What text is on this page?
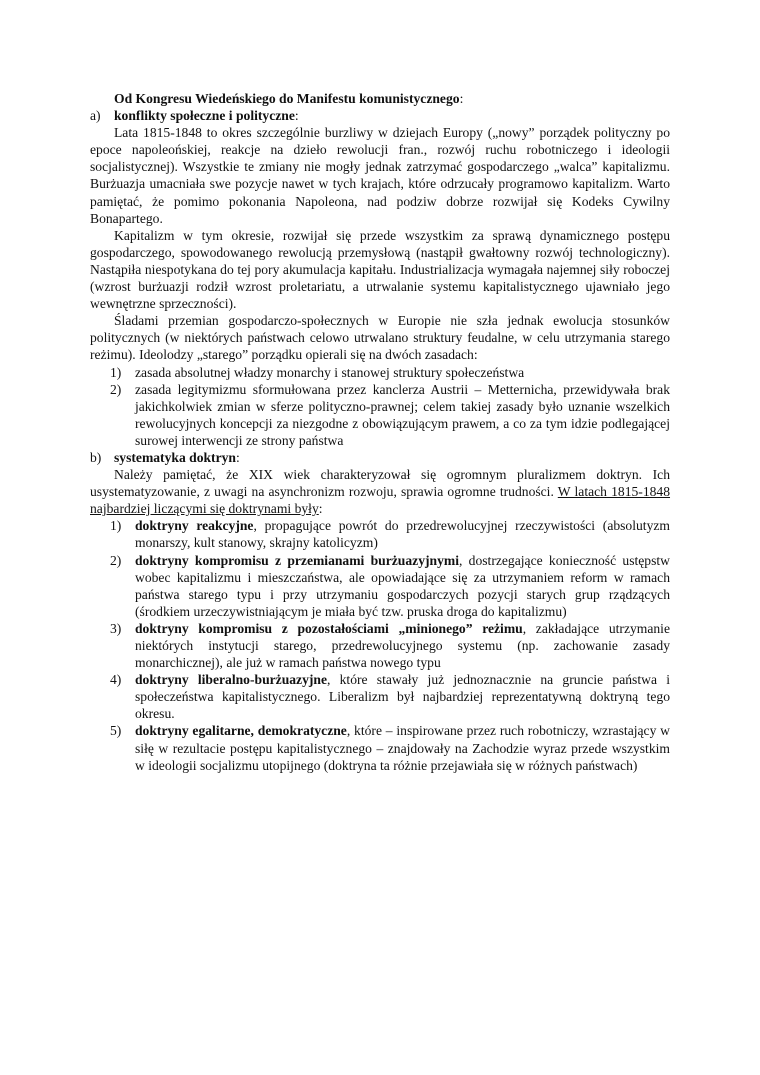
Od Kongresu Wiedeńskiego do Manifestu komunistycznego:
a) konflikty społeczne i polityczne:

Lata 1815-1848 to okres szczególnie burzliwy w dziejach Europy („nowy” porządek polityczny po epoce napoleońskiej, reakcje na dzieło rewolucji fran., rozwój ruchu robotniczego i ideologii socjalistycznej). Wszystkie te zmiany nie mogły jednak zatrzymać gospodarczego „walca” kapitalizmu. Burżuazja umacniała swe pozycje nawet w tych krajach, które odrzucały programowo kapitalizm. Warto pamiętać, że pomimo pokonania Napoleona, nad podziw dobrze rozwijał się Kodeks Cywilny Bonapartego.

Kapitalizm w tym okresie, rozwijał się przede wszystkim za sprawą dynamicznego postępu gospodarczego, spowodowanego rewolucją przemysłową (nastąpił gwałtowny rozwój technologiczny). Nastąpiła niespotykana do tej pory akumulacja kapitału. Industrializacja wymagała najemnej siły roboczej (wzrost burżuazji rodził wzrost proletariatu, a utrwalanie systemu kapitalistycznego ujawniało jego wewnętrzne sprzeczności).

Śladami przemian gospodarczo-społecznych w Europie nie szła jednak ewolucja stosunków politycznych (w niektórych państwach celowo utrwalano struktury feudalne, w celu utrzymania starego reżimu). Ideolodzy „starego” porządku opierali się na dwóch zasadach:

1)	zasada absolutnej władzy monarchy i stanowej struktury społeczeństwa
2)	zasada legitymizmu sformułowana przez kanclerza Austrii – Metternicha, przewidywała brak jakichkolwiek zmian w sferze polityczno-prawnej; celem takiej zasady było uznanie wszelkich rewolucyjnych koncepcji za niezgodne z obowiązującym prawem, a co za tym idzie podlegającej surowej interwencji ze strony państwa
b) systematyka doktryn:

Należy pamiętać, że XIX wiek charakteryzował się ogromnym pluralizmem doktryn. Ich usystematyzowanie, z uwagi na asynchronizm rozwoju, sprawia ogromne trudności. W latach 1815-1848 najbardziej liczącymi się doktrynami były:

1)	doktryny reakcyjne, propagujące powrót do przedrewolucyjnej rzeczywistości (absolutyzm monarszy, kult stanowy, skrajny katolicyzm)
2)	doktryny kompromisu z przemianami burżuazyjnymi, dostrzegające konieczność ustępstw wobec kapitalizmu i mieszczaństwa, ale opowiadające się za utrzymaniem reform w ramach państwa starego typu i przy utrzymaniu gospodarczych pozycji starych grup rządzących (środkiem urzeczywistniającym je miała być tzw. pruska droga do kapitalizmu)
3)	doktryny kompromisu z pozostałościami „minionego” reżimu, zakładające utrzymanie niektórych instytucji starego, przedrewolucyjnego systemu (np. zachowanie zasady monarchicznej), ale już w ramach państwa nowego typu
4)	doktryny liberalno-burżuazyjne, które stawały już jednoznacznie na gruncie państwa i społeczeństwa kapitalistycznego. Liberalizm był najbardziej reprezentatywną doktryną tego okresu.
5)	doktryny egalitarne, demokratyczne, które – inspirowane przez ruch robotniczy, wzrastający w siłę w rezultacie postępu kapitalistycznego – znajdowały na Zachodzie wyraz przede wszystkim w ideologii socjalizmu utopijnego (doktryna ta różnie przejawiała się w różnych państwach)
